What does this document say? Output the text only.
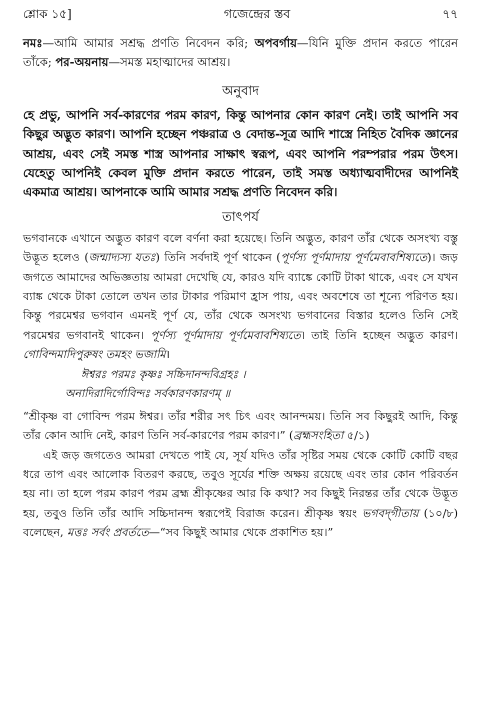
শ্লোক ১৫]	গজেন্দ্রের স্তব	৭৭
নমঃ—আমি আমার সশ্রদ্ধ প্রণতি নিবেদন করি; অপবর্গায়—যিনি মুক্তি প্রদান করতে পারেন তাঁকে; পর-অয়নায়—সমস্ত মহাত্মাদের আশ্রয়।
অনুবাদ
হে প্রভু, আপনি সর্ব-কারণের পরম কারণ, কিন্তু আপনার কোন কারণ নেই। তাই আপনি সব কিছুর অদ্ভুত কারণ। আপনি হচ্ছেন পঞ্চরাত্র ও বেদান্ত-সূত্র আদি শাস্ত্রে নিহিত বৈদিক জ্ঞানের আশ্রয়, এবং সেই সমস্ত শাস্ত্র আপনার সাক্ষাৎ স্বরূপ, এবং আপনি পরম্পরার পরম উৎস। যেহেতু আপনিই কেবল মুক্তি প্রদান করতে পারেন, তাই সমস্ত অধ্যাত্মবাদীদের আপনিই একমাত্র আশ্রয়। আপনাকে আমি আমার সশ্রদ্ধ প্রণতি নিবেদন করি।
তাৎপর্য

ভগবানকে এখানে অদ্ভুত কারণ বলে বর্ণনা করা হয়েছে। তিনি অদ্ভুত, কারণ তাঁর থেকে অসংখ্য বস্তু উদ্ভূত হলেও (জন্মাদ্যস্য যতঃ) তিনি সর্বদাই পূর্ণ থাকেন (পূর্ণস্য পূর্ণমাদায় পূর্ণমেবাবশিষ্যতে)। জড় জগতে আমাদের অভিজ্ঞতায় আমরা দেখেছি যে, কারও যদি ব্যাঙ্কে কোটি টাকা থাকে, এবং সে যখন ব্যাঙ্ক থেকে টাকা তোলে তখন তার টাকার পরিমাণ হ্রাস পায়, এবং অবশেষে তা শূন্যে পরিণত হয়। কিন্তু পরমেশ্বর ভগবান এমনই পূর্ণ যে, তাঁর থেকে অসংখ্য ভগবানের বিস্তার হলেও তিনি সেই পরমেশ্বর ভগবানই থাকেন। পূর্ণস্য পূর্ণমাদায় পূর্ণমেবাবশিষ্যতে। তাই তিনি হচ্ছেন অদ্ভুত কারণ। গোবিন্দমাদিপুরুষং তমহং ভজামি।

ঈশ্বরঃ পরমঃ কৃষ্ণঃ সচ্চিদানন্দবিগ্রহঃ ।
অনাদিরাদির্গোবিন্দঃ সর্বকারণকারণম্‌ ॥

“শ্রীকৃষ্ণ বা গোবিন্দ পরম ঈশ্বর। তাঁর শরীর সৎ চিৎ এবং আনন্দময়। তিনি সব কিছুরই আদি, কিন্তু তাঁর কোন আদি নেই, কারণ তিনি সর্ব-কারণের পরম কারণ।” (ব্রহ্মসংহিতা ৫/১)

এই জড় জগতেও আমরা দেখতে পাই যে, সূর্য যদিও তাঁর সৃষ্টির সময় থেকে কোটি কোটি বছর ধরে তাপ এবং আলোক বিতরণ করছে, তবুও সূর্যের শক্তি অক্ষয় রয়েছে এবং তার কোন পরিবর্তন হয় না। তা হলে পরম কারণ পরম ব্রহ্ম শ্রীকৃষ্ণের আর কি কথা? সব কিছুই নিরন্তর তাঁর থেকে উদ্ভূত হয়, তবুও তিনি তাঁর আদি সচ্চিদানন্দ স্বরূপেই বিরাজ করেন। শ্রীকৃষ্ণ স্বয়ং ভগবদ্‌গীতায় (১০/৮) বলেছেন, মত্তঃ সর্বং প্রবর্ততে—“সব কিছুই আমার থেকে প্রকাশিত হয়।”
